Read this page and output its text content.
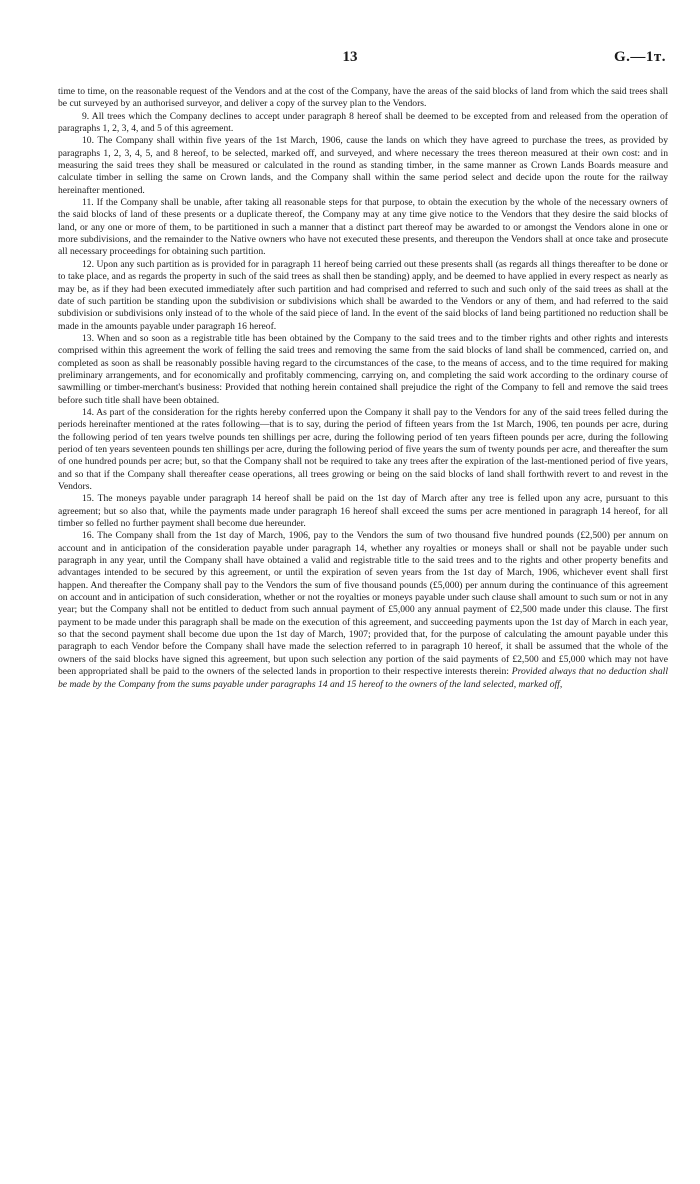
13	G.—1ᴛ.

time to time, on the reasonable request of the Vendors and at the cost of the Company, have the areas of the said blocks of land from which the said trees shall be cut surveyed by an authorised surveyor, and deliver a copy of the survey plan to the Vendors.

9. All trees which the Company declines to accept under paragraph 8 hereof shall be deemed to be excepted from and released from the operation of paragraphs 1, 2, 3, 4, and 5 of this agreement.

10. The Company shall within five years of the 1st March, 1906, cause the lands on which they have agreed to purchase the trees, as provided by paragraphs 1, 2, 3, 4, 5, and 8 hereof, to be selected, marked off, and surveyed, and where necessary the trees thereon measured at their own cost: and in measuring the said trees they shall be measured or calculated in the round as standing timber, in the same manner as Crown Lands Boards measure and calculate timber in selling the same on Crown lands, and the Company shall within the same period select and decide upon the route for the railway hereinafter mentioned.

11. If the Company shall be unable, after taking all reasonable steps for that purpose, to obtain the execution by the whole of the necessary owners of the said blocks of land of these presents or a duplicate thereof, the Company may at any time give notice to the Vendors that they desire the said blocks of land, or any one or more of them, to be partitioned in such a manner that a distinct part thereof may be awarded to or amongst the Vendors alone in one or more subdivisions, and the remainder to the Native owners who have not executed these presents, and thereupon the Vendors shall at once take and prosecute all necessary proceedings for obtaining such partition.

12. Upon any such partition as is provided for in paragraph 11 hereof being carried out these presents shall (as regards all things thereafter to be done or to take place, and as regards the property in such of the said trees as shall then be standing) apply, and be deemed to have applied in every respect as nearly as may be, as if they had been executed immediately after such partition and had comprised and referred to such and such only of the said trees as shall at the date of such partition be standing upon the subdivision or subdivisions which shall be awarded to the Vendors or any of them, and had referred to the said subdivision or subdivisions only instead of to the whole of the said piece of land. In the event of the said blocks of land being partitioned no reduction shall be made in the amounts payable under paragraph 16 hereof.

13. When and so soon as a registrable title has been obtained by the Company to the said trees and to the timber rights and other rights and interests comprised within this agreement the work of felling the said trees and removing the same from the said blocks of land shall be commenced, carried on, and completed as soon as shall be reasonably possible having regard to the circumstances of the case, to the means of access, and to the time required for making preliminary arrangements, and for economically and profitably commencing, carrying on, and completing the said work according to the ordinary course of sawmilling or timber-merchant's business: Provided that nothing herein contained shall prejudice the right of the Company to fell and remove the said trees before such title shall have been obtained.

14. As part of the consideration for the rights hereby conferred upon the Company it shall pay to the Vendors for any of the said trees felled during the periods hereinafter mentioned at the rates following—that is to say, during the period of fifteen years from the 1st March, 1906, ten pounds per acre, during the following period of ten years twelve pounds ten shillings per acre, during the following period of ten years fifteen pounds per acre, during the following period of ten years seventeen pounds ten shillings per acre, during the following period of five years the sum of twenty pounds per acre, and thereafter the sum of one hundred pounds per acre; but, so that the Company shall not be required to take any trees after the expiration of the last-mentioned period of five years, and so that if the Company shall thereafter cease operations, all trees growing or being on the said blocks of land shall forthwith revert to and revest in the Vendors.

15. The moneys payable under paragraph 14 hereof shall be paid on the 1st day of March after any tree is felled upon any acre, pursuant to this agreement; but so also that, while the payments made under paragraph 16 hereof shall exceed the sums per acre mentioned in paragraph 14 hereof, for all timber so felled no further payment shall become due hereunder.

16. The Company shall from the 1st day of March, 1906, pay to the Vendors the sum of two thousand five hundred pounds (£2,500) per annum on account and in anticipation of the consideration payable under paragraph 14, whether any royalties or moneys shall or shall not be payable under such paragraph in any year, until the Company shall have obtained a valid and registrable title to the said trees and to the rights and other property benefits and advantages intended to be secured by this agreement, or until the expiration of seven years from the 1st day of March, 1906, whichever event shall first happen. And thereafter the Company shall pay to the Vendors the sum of five thousand pounds (£5,000) per annum during the continuance of this agreement on account and in anticipation of such consideration, whether or not the royalties or moneys payable under such clause shall amount to such sum or not in any year; but the Company shall not be entitled to deduct from such annual payment of £5,000 any annual payment of £2,500 made under this clause. The first payment to be made under this paragraph shall be made on the execution of this agreement, and succeeding payments upon the 1st day of March in each year, so that the second payment shall become due upon the 1st day of March, 1907; provided that, for the purpose of calculating the amount payable under this paragraph to each Vendor before the Company shall have made the selection referred to in paragraph 10 hereof, it shall be assumed that the whole of the owners of the said blocks have signed this agreement, but upon such selection any portion of the said payments of £2,500 and £5,000 which may not have been appropriated shall be paid to the owners of the selected lands in proportion to their respective interests therein: Provided always that no deduction shall be made by the Company from the sums payable under paragraphs 14 and 15 hereof to the owners of the land selected, marked off,
